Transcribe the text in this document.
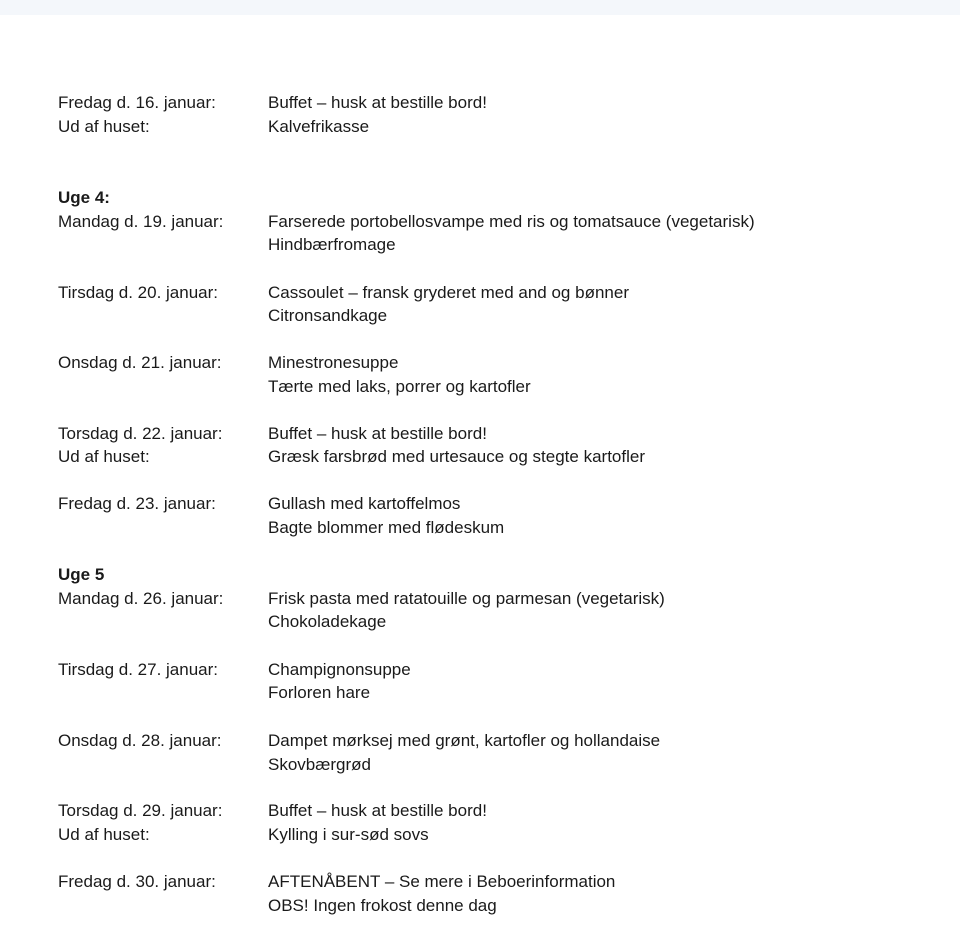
Fredag d. 16. januar:	Buffet – husk at bestille bord!
Ud af huset:	Kalvefrikasse
Uge 4:
Mandag d. 19. januar:	Farserede portobellosvampe med ris og tomatsauce (vegetarisk)
Hindbærfromage
Tirsdag d. 20. januar:	Cassoulet – fransk gryderet med and og bønner
Citronsandkage
Onsdag d. 21. januar:	Minestronesuppe
Tærte med laks, porrer og kartofler
Torsdag d. 22. januar:	Buffet – husk at bestille bord!
Ud af huset:	Græsk farsbrød med urtesauce og stegte kartofler
Fredag d. 23. januar:	Gullash med kartoffelmos
Bagte blommer med flødeskum
Uge 5
Mandag d. 26. januar:	Frisk pasta med ratatouille og parmesan (vegetarisk)
Chokoladekage
Tirsdag d. 27. januar:	Champignonsuppe
Forloren hare
Onsdag d. 28. januar:	Dampet mørksej med grønt, kartofler og hollandaise
Skovbærgrød
Torsdag d. 29. januar:	Buffet – husk at bestille bord!
Ud af huset:	Kylling i sur-sød sovs
Fredag d. 30. januar:	AFTENÅBENT – Se mere i Beboerinformation
OBS! Ingen frokost denne dag
